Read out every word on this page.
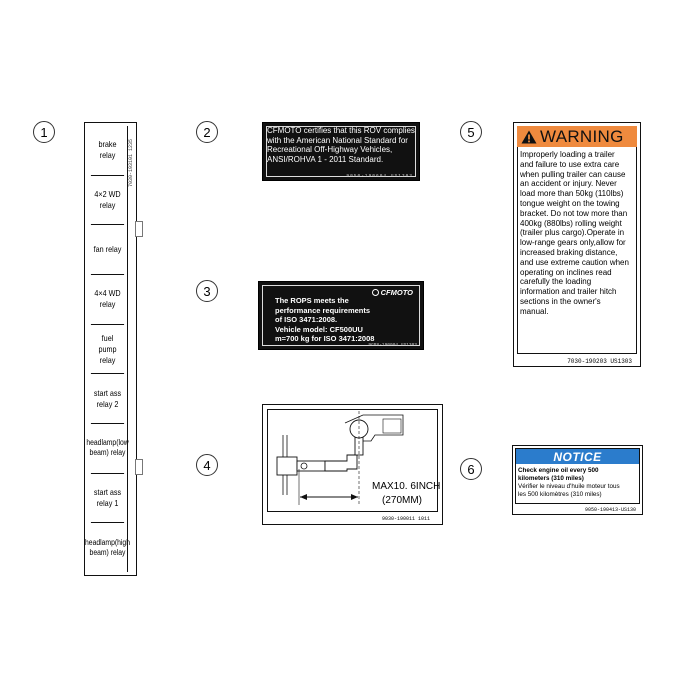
1	2
3
4
5
6
brake relay
4×2 WD relay
fan relay
4×4 WD relay
fuel pump relay
start ass relay 2
headlamp(low beam) relay
start ass relay 1
headlamp(high beam) relay
7030-193101 1235
CFMOTO certifies that this ROV complies with the American National Standard for Recreational Off-Highway Vehicles, ANSI/ROHVA 1 - 2011 Standard.
9050-190604 US1303
CFMOTO
The ROPS meets the
performance requirements
of ISO 3471:2008.
Vehicle model: CF500UU
m=700 kg for ISO 3471:2008
9GR8-190004 US1303
MAX10. 6INCH
(270MM)
9030-190011 1011
WARNING
Improperly loading a trailer
and failure to use extra care
when pulling trailer can cause
an accident or injury. Never
load more than 50kg (110lbs)
tongue weight on the towing
bracket. Do not tow more than
400kg (880lbs) rolling weight
(trailer plus cargo).Operate in
low-range gears only,allow for
increased braking distance,
and use extreme caution when
operating on inclines read
carefully the loading
information and trailer hitch
sections in the owner's
manual.
7030-190203 US1303
NOTICE
Check engine oil every 500
kilometers (310 miles)
Vérifier le niveau d'huile moteur tous
les 500 kilomètres (310 miles)
9050-190413-US130
